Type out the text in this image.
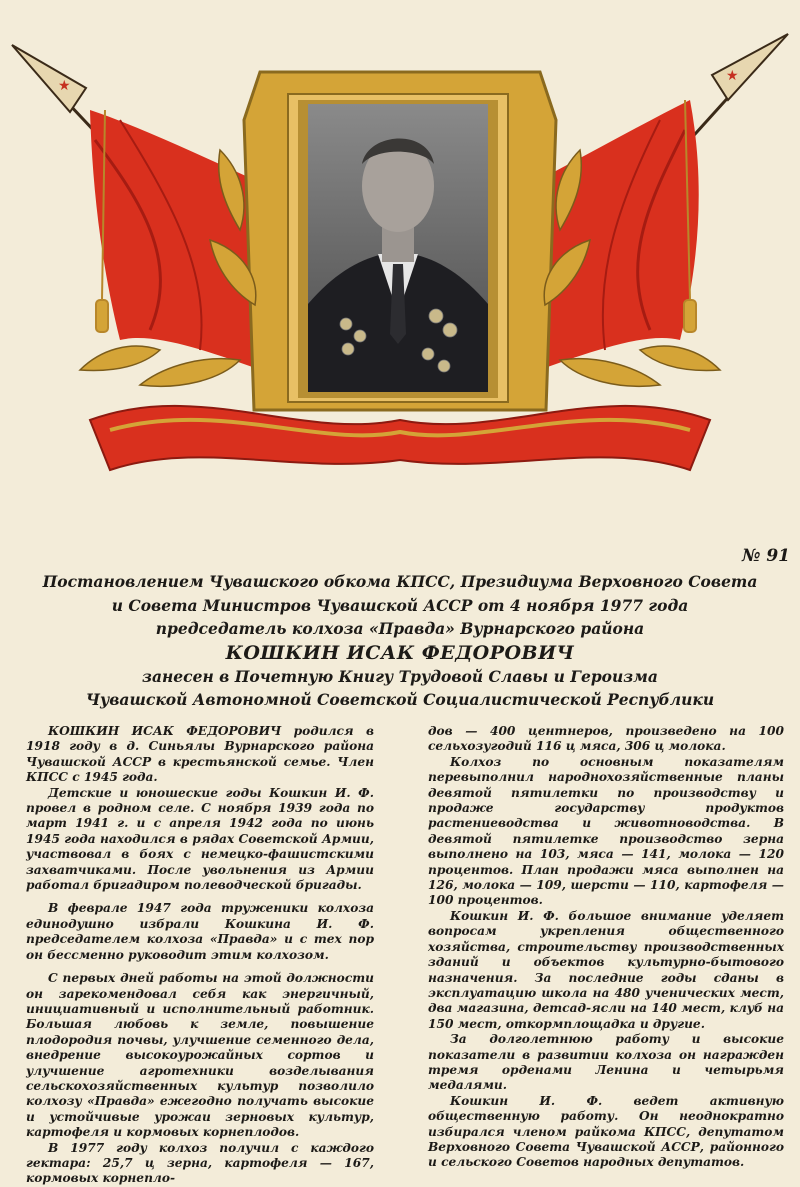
★
★
№ 91
Постановлением Чувашского обкома КПСС, Президиума Верховного Совета
и Совета Министров Чувашской АССР от 4 ноября 1977 года
председатель колхоза «Правда» Вурнарского района
КОШКИН ИСАК ФЕДОРОВИЧ
занесен в Почетную Книгу Трудовой Славы и Героизма
Чувашской Автономной Советской Социалистической Республики

КОШКИН ИСАК ФЕДОРОВИЧ родился в 1918 году в д. Синьялы Вурнарского района Чувашской АССР в крестьянской семье. Член КПСС с 1945 года.

Детские и юношеские годы Кошкин И. Ф. провел в родном селе. С ноября 1939 года по март 1941 г. и с апреля 1942 года по июнь 1945 года находился в рядах Советской Армии, участвовал в боях с немецко-фашистскими захватчиками. После увольнения из Армии работал бригадиром полеводческой бригады.

В феврале 1947 года труженики колхоза единодушно избрали Кошкина И. Ф. председателем колхоза «Правда» и с тех пор он бессменно руководит этим колхозом.

С первых дней работы на этой должности он зарекомендовал себя как энергичный, инициативный и исполнительный работник. Большая любовь к земле, повышение плодородия почвы, улучшение семенного дела, внедрение высокоурожайных сортов и улучшение агротехники возделывания сельскохозяйственных культур позволило колхозу «Правда» ежегодно получать высокие и устойчивые урожаи зерновых культур, картофеля и кормовых корнеплодов.

В 1977 году колхоз получил с каждого гектара: 25,7 ц зерна, картофеля — 167, кормовых корнепло-

дов — 400 центнеров, произведено на 100 сельхозугодий 116 ц мяса, 306 ц молока.

Колхоз по основным показателям перевыполнил народнохозяйственные планы девятой пятилетки по производству и продаже государству продуктов растениеводства и животноводства. В девятой пятилетке производство зерна выполнено на 103, мяса — 141, молока — 120 процентов. План продажи мяса выполнен на 126, молока — 109, шерсти — 110, картофеля — 100 процентов.

Кошкин И. Ф. большое внимание уделяет вопросам укрепления общественного хозяйства, строительству производственных зданий и объектов культурно-бытового назначения. За последние годы сданы в эксплуатацию школа на 480 ученических мест, два магазина, детсад-ясли на 140 мест, клуб на 150 мест, откормплощадка и другие.

За долголетнюю работу и высокие показатели в развитии колхоза он награжден тремя орденами Ленина и четырьмя медалями.

Кошкин И. Ф. ведет активную общественную работу. Он неоднократно избирался членом райкома КПСС, депутатом Верховного Совета Чувашской АССР, районного и сельского Советов народных депутатов.
